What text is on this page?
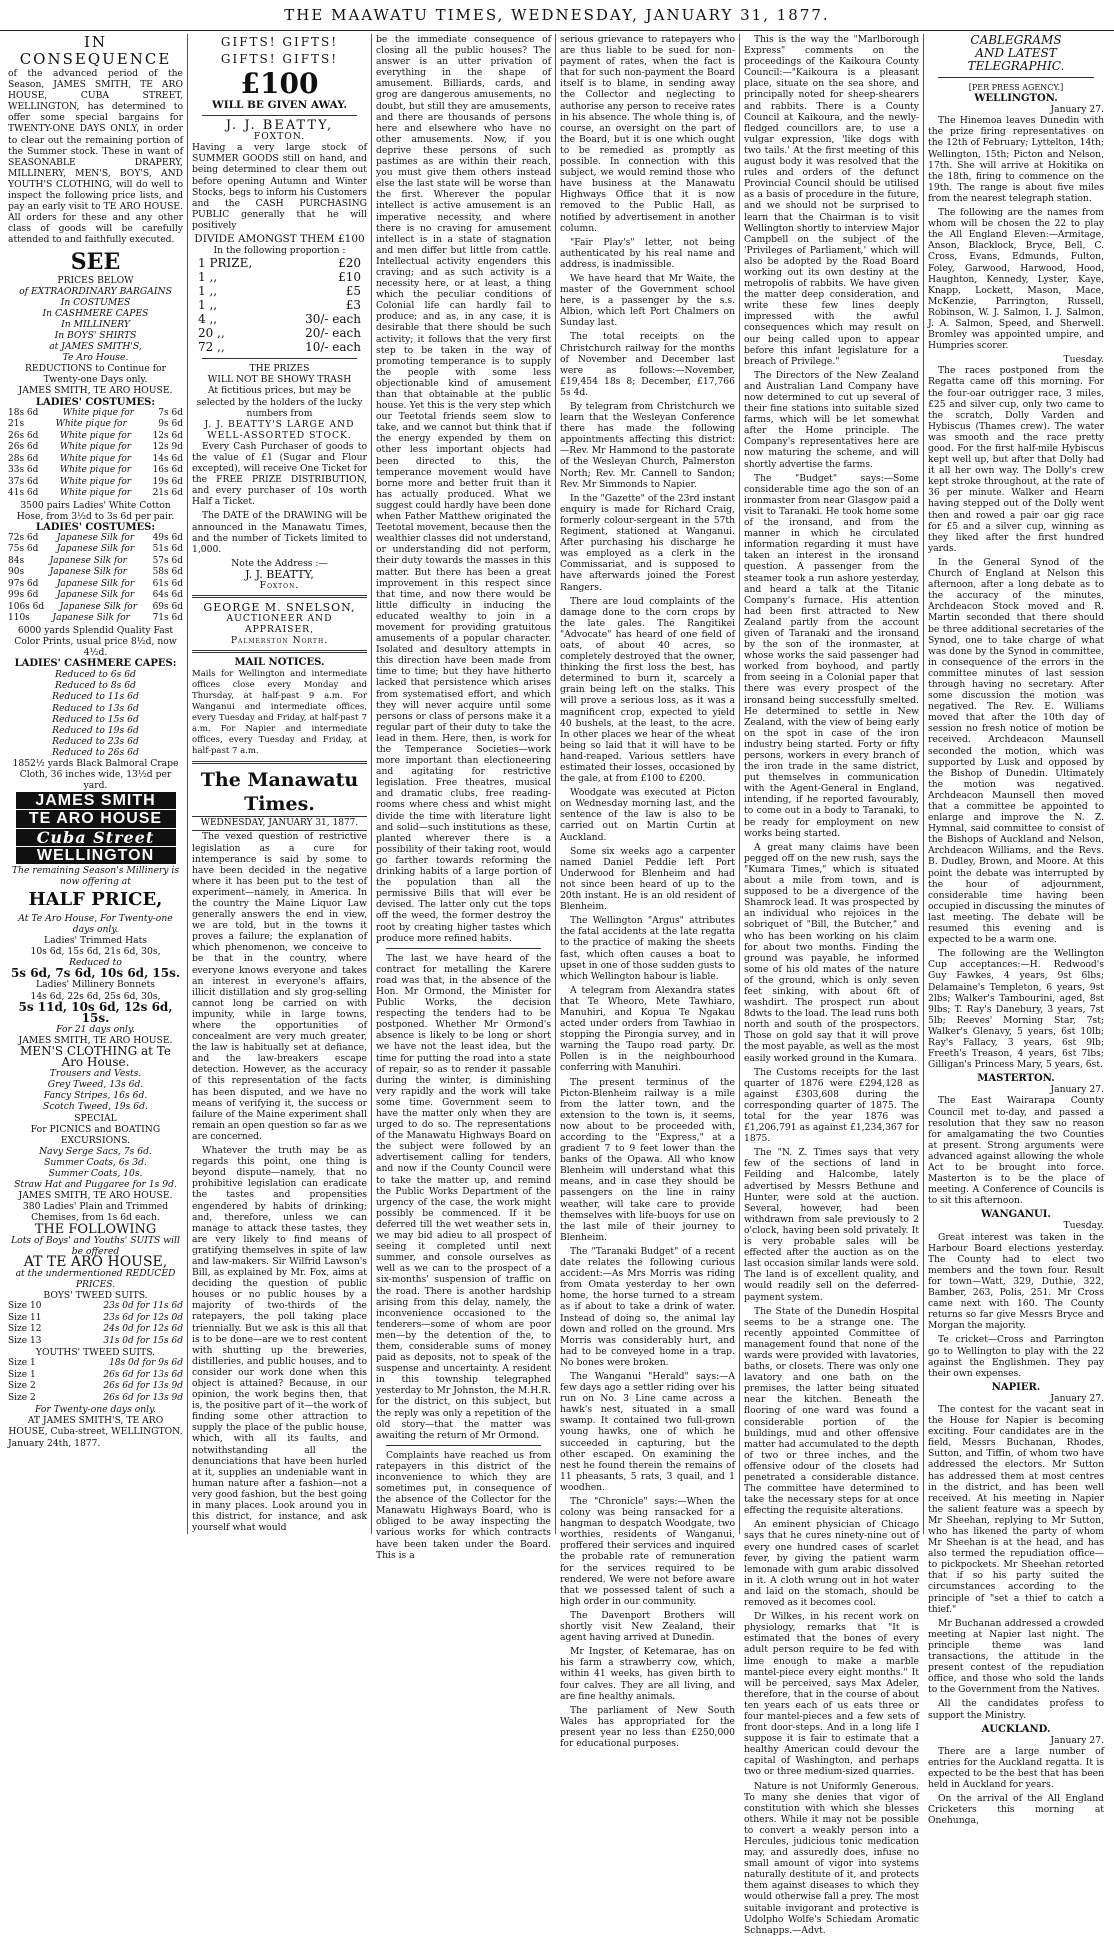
THE MAAWATU TIMES, WEDNESDAY, JANUARY 31, 1877.
IN CONSEQUENCE

of the advanced period of the Season, JAMES SMITH, TE ARO HOUSE, CUBA STREET, WELLINGTON, has determined to offer some special bargains for TWENTY-ONE DAYS ONLY, in order to clear out the remaining portion of the Summer stock. These in want of SEASONABLE DRAPERY, MILLINERY, MEN'S, BOY'S, AND YOUTH'S CLOTHING, will do well to inspect the following price lists, and pay an early visit to TE ARO HOUSE. All orders for these and any other class of goods will be carefully attended to and faithfully executed.

SEE
PRICES BELOW
of EXTRAORDINARY BARGAINS
In COSTUMES
In CASHMERE CAPES
In MILLINERY
In BOYS' SHIRTS
at JAMES SMITH'S,
Te Aro House.
REDUCTIONS to Continue for Twenty-one Days only.
JAMES SMITH, TE ARO HOUSE.
LADIES' COSTUMES:
18s 6d	White pique for	7s 6d
21s	White pique for	9s 6d
26s 6d White pique for 12s 6d
26s 6d White pique for 12s 9d
28s 6d White pique for 14s 6d
33s 6d White pique for 16s 6d
37s 6d White pique for 19s 6d
41s 6d White pique for 21s 6d
3500 pairs Ladies' White Cotton Hose, from 3½d to 3s 6d per pair.
LADIES' COSTUMES:
72s 6d Japanese Silk for 49s 6d
75s 6d Japanese Silk for 51s 6d
84s	Japanese Silk for	57s 6d
90s	Japanese Silk for	58s 6d
97s 6d Japanese Silk for 61s 6d
99s 6d Japanese Silk for 64s 6d
106s 6d Japanese Silk for 69s 6d
110s	Japanese Silk for	71s 6d
6000 yards Splendid Quality Fast Color Prints, usual price 8½d, now 4½d.
LADIES' CASHMERE CAPES:
Reduced to 6s 6d
Reduced to 8s 6d
Reduced to 11s 6d
Reduced to 13s 6d
Reduced to 15s 6d
Reduced to 19s 6d
Reduced to 23s 6d
Reduced to 26s 6d
1852½ yards Black Balmoral Crape Cloth, 36 inches wide, 13½d per yard.
JAMES SMITH
TE ARO HOUSE
Cuba Street
WELLINGTON
The remaining Season's Millinery is now offering at
HALF PRICE,
At Te Aro House, For Twenty-one days only.
Ladies' Trimmed Hats
10s 6d, 15s 6d, 21s 6d, 30s,
Reduced to
5s 6d, 7s 6d, 10s 6d, 15s.
Ladies' Millinery Bonnets
14s 6d, 22s 6d, 25s 6d, 30s,
5s 11d, 10s 6d, 12s 6d, 15s.
For 21 days only.
JAMES SMITH, TE ARO HOUSE.
MEN'S CLOTHING at Te Aro House.
Trousers and Vests.
Grey Tweed, 13s 6d.
Fancy Stripes, 16s 6d.
Scotch Tweed, 19s 6d.
SPECIAL
For PICNICS and BOATING EXCURSIONS.
Navy Serge Sacs, 7s 6d.
Summer Coats, 6s 3d.
Summer Coats, 10s.
Straw Hat and Puggaree for 1s 9d.
JAMES SMITH, TE ARO HOUSE.
380 Ladies' Plain and Trimmed Chemises, from 1s 6d each.
THE FOLLOWING
Lots of Boys' and Youths' SUITS will be offered
AT TE ARO HOUSE,
at the undermentioned REDUCED PRICES.
BOYS' TWEED SUITS.
Size 10	23s 0d for 11s 6d
Size 11	23s 6d for 12s 0d
Size 12	24s 0d for 12s 6d
Size 13	31s 0d for 15s 6d
YOUTHS' TWEED SUITS.
Size 1	18s 0d for 9s 6d
Size 1	26s 6d for 13s 6d
Size 2	26s 6d for 13s 9d
Size 2	26s 6d for 13s 9d
For Twenty-one days only.
AT JAMES SMITH'S, TE ARO HOUSE, Cuba-street, WELLINGTON.
January 24th, 1877.
GIFTS! GIFTS! GIFTS! GIFTS!
£100
WILL BE GIVEN AWAY.
J. J. BEATTY,
FOXTON.

Having a very large stock of SUMMER GOODS still on hand, and being determined to clear them out before opening Autumn and Winter Stocks, begs to inform his Customers and the CASH PURCHASING PUBLIC generally that he will positively

DIVIDE AMONGST THEM £100
In the following proportion :
1 PRIZE,	£20
1 ,,	£10
1 ,,	£5
1 ,,	£3
4 ,,	30/- each
20 ,,	20/- each
72 ,,	10/- each
THE PRIZES
WILL NOT BE SHOWY TRASH
At fictitious prices, but may be selected by the holders of the lucky numbers from
J. J. BEATTY'S LARGE AND WELL-ASSORTED STOCK.

Every Cash Purchaser of goods to the value of £1 (Sugar and Flour excepted), will receive One Ticket for the FREE PRIZE DISTRIBUTION, and every purchaser of 10s worth Half a Ticket.

The DATE of the DRAWING will be announced in the Manawatu Times, and the number of Tickets limited to 1,000.

Note the Address :—
J. J. BEATTY,
Foxton.
GEORGE M. SNELSON,
AUCTIONEER AND APPRAISER,
Palmerston North.
MAIL NOTICES.

Mails for Wellington and intermediate offices close every Monday and Thursday, at half-past 9 a.m. For Wanganui and intermediate offices, every Tuesday and Friday, at half-past 7 a.m. For Napier and intermediate offices, every Tuesday and Friday, at half-past 7 a.m.

The Manawatu Times.
WEDNESDAY, JANUARY 31, 1877.

The vexed question of restrictive legislation as a cure for intemperance is said by some to have been decided in the negative where it has been put to the test of experiment—namely, in America. In the country the Maine Liquor Law generally answers the end in view, we are told, but in the towns it proves a failure; the explanation of which phenomenon, we conceive to be that in the country, where everyone knows everyone and takes an interest in everyone's affairs, illicit distillation and sly grog-selling cannot long be carried on with impunity, while in large towns, where the opportunities of concealment are very much greater, the law is habitually set at defiance, and the law-breakers escape detection. However, as the accuracy of this representation of the facts has been disputed, and we have no means of verifying it, the success or failure of the Maine experiment shall remain an open question so far as we are concerned.

Whatever the truth may be as regards this point, one thing is beyond dispute—namely, that no prohibitive legislation can eradicate the tastes and propensities engendered by habits of drinking; and, therefore, unless we can manage to attack these tastes, they are very likely to find means of gratifying themselves in spite of law and law-makers. Sir Wilfrid Lawson's Bill, as explained by Mr. Fox, aims at deciding the question of public houses or no public houses by a majority of two-thirds of the ratepayers, the poll taking place triennially. But we ask is this all that is to be done—are we to rest content with shutting up the breweries, distilleries, and public houses, and to consider our work done when this object is attained? Because, in our opinion, the work begins then, that is, the positive part of it—the work of finding some other attraction to supply the place of the public house, which, with all its faults, and notwithstanding all the denunciations that have been hurled at it, supplies an undeniable want in human nature after a fashion—not a very good fashion, but the best going in many places. Look around you in this district, for instance, and ask yourself what would

be the immediate consequence of closing all the public houses? The answer is an utter privation of everything in the shape of amusement. Billiards, cards, and grog are dangerous amusements, no doubt, but still they are amusements, and there are thousands of persons here and elsewhere who have no other amusements. Now, if you deprive these persons of such pastimes as are within their reach, you must give them others instead else the last state will be worse than the first. Wherever the popular intellect is active amusement is an imperative necessity, and where there is no craving for amusement intellect is in a state of stagnation and men differ but little from cattle. Intellectual activity engenders this craving; and as such activity is a necessity here, or at least, a thing which the peculiar conditions of Colonial life can hardly fail to produce; and as, in any case, it is desirable that there should be such activity; it follows that the very first step to be taken in the way of promoting temperance is to supply the people with some less objectionable kind of amusement than that obtainable at the public house. Yet this is the very step which our Teetotal friends seem slow to take, and we cannot but think that if the energy expended by them on other less important objects had been directed to this, the temperance movement would have borne more and better fruit than it has actually produced. What we suggest could hardly have been done when Father Matthew originated the Teetotal movement, because then the wealthier classes did not understand, or understanding did not perform, their duty towards the masses in this matter. But there has been a great improvement in this respect since that time, and now there would be little difficulty in inducing the educated wealthy to join in a movement for providing gratuitous amusements of a popular character. Isolated and desultory attempts in this direction have been made from time to time; but they have hitherto lacked that persistence which arises from systematised effort, and which they will never acquire until some persons or class of persons make it a regular part of their duty to take the lead in them. Here, then, is work for the Temperance Societies—work more important than electioneering and agitating for restrictive legislation. Free theatres, musical and dramatic clubs, free reading-rooms where chess and whist might divide the time with literature light and solid—such institutions as these, planted wherever there is a possibility of their taking root, would go farther towards reforming the drinking habits of a large portion of the population than all the permissive Bills that will ever be devised. The latter only cut the tops off the weed, the former destroy the root by creating higher tastes which produce more refined habits.

The last we have heard of the contract for metalling the Karere road was that, in the absence of the Hon. Mr Ormond, the Minister for Public Works, the decision respecting the tenders had to be postponed. Whether Mr Ormond's absence is likely to be long or short we have not the least idea, but the time for putting the road into a state of repair, so as to render it passable during the winter, is diminishing very rapidly and the work will take some time. Government seem to have the matter only when they are urged to do so. The representations of the Manawatu Highways Board on the subject were followed by an advertisement calling for tenders, and now if the County Council were to take the matter up, and remind the Public Works Department of the urgency of the case, the work might possibly be commenced. If it be deferred till the wet weather sets in, we may bid adieu to all prospect of seeing it completed until next summer, and console ourselves as well as we can to the prospect of a six-months' suspension of traffic on the road. There is another hardship arising from this delay, namely, the inconvenience occasioned to the tenderers—some of whom are poor men—by the detention of the, to them, considerable sums of money paid as deposits, not to speak of the suspense and uncertainty. A resident in this township telegraphed yesterday to Mr Johnston, the M.H.R. for the district, on this subject, but the reply was only a repetition of the old story—that the matter was awaiting the return of Mr Ormond.

Complaints have reached us from ratepayers in this district of the inconvenience to which they are sometimes put, in consequence of the absence of the Collector for the Manawatu Highways Board, who is obliged to be away inspecting the various works for which contracts have been taken under the Board. This is a

serious grievance to ratepayers who are thus liable to be sued for non-payment of rates, when the fact is that for such non-payment the Board itself is to blame, in sending away the Collector and neglecting to authorise any person to receive rates in his absence. The whole thing is, of course, an oversight on the part of the Board, but it is one which ought to be remedied as promptly as possible. In connection with this subject, we would remind those who have business at the Manawatu Highways Office that it is now removed to the Public Hall, as notified by advertisement in another column.

"Fair Play's" letter, not being authenticated by his real name and address, is inadmissible.

We have heard that Mr Waite, the master of the Government school here, is a passenger by the s.s. Albion, which left Port Chalmers on Sunday last.

The total receipts on the Christchurch railway for the months of November and December last were as follows:—November, £19,454 18s 8; December, £17,766 5s 4d.

By telegram from Christchurch we learn that the Wesleyan Conference there has made the following appointments affecting this district:—Rev. Mr Hammond to the pastorate of the Wesleyan Church, Palmerston North; Rev. Mr. Cannell to Sandon; Rev. Mr Simmonds to Napier.

In the "Gazette" of the 23rd instant enquiry is made for Richard Craig, formerly colour-sergeant in the 57th Regiment, stationed at Wanganui. After purchasing his discharge he was employed as a clerk in the Commissariat, and is supposed to have afterwards joined the Forest Rangers.

There are loud complaints of the damage done to the corn crops by the late gales. The Rangitikei "Advocate" has heard of one field of oats, of about 40 acres, so completely destroyed that the owner, thinking the first loss the best, has determined to burn it, scarcely a grain being left on the stalks. This will prove a serious loss, as it was a magnificent crop, expected to yield 40 bushels, at the least, to the acre. In other places we hear of the wheat being so laid that it will have to be hand-reaped. Various settlers have estimated their losses, occasioned by the gale, at from £100 to £200.

Woodgate was executed at Picton on Wednesday morning last, and the sentence of the law is also to be carried out on Martin Curtin at Auckland.

Some six weeks ago a carpenter named Daniel Peddie left Port Underwood for Blenheim and had not since been heard of up to the 20th instant. He is an old resident of Blenheim.

The Wellington "Argus" attributes the fatal accidents at the late regatta to the practice of making the sheets fast, which often causes a boat to upset in one of those sudden gusts to which Wellington habour is liable.

A telegram from Alexandra states that Te Wheoro, Mete Tawhiaro, Manuhiri, and Kopua Te Ngakau acted under orders from Tawhiao in stopping the Pirongia survey, and in warning the Taupo road party. Dr. Pollen is in the neighbourhood conferring with Manuhiri.

The present terminus of the Picton-Blenheim railway is a mile from the latter town, and the extension to the town is, it seems, now about to be proceeded with, according to the "Express," at a gradient 7 to 9 feet lower than the banks of the Opawa. All who know Blenheim will understand what this means, and in case they should be passengers on the line in rainy weather, will take care to provide themselves with life-buoys for use on the last mile of their journey to Blenheim.

The "Taranaki Budget" of a recent date relates the following curious accident:—As Mrs Morris was riding from Omata yesterday to her own home, the horse turned to a stream as if about to take a drink of water. Instead of doing so, the animal lay down and rolled on the ground. Mrs Morris was considerably hurt, and had to be conveyed home in a trap. No bones were broken.

The Wanganui "Herald" says:—A few days ago a settler riding over his run on No. 3 Line came across a hawk's nest, situated in a small swamp. It contained two full-grown young hawks, one of which he succeeded in capturing, but the other escaped. On examining the nest he found therein the remains of 11 pheasants, 5 rats, 3 quail, and 1 woodhen.

The "Chronicle" says:—When the colony was being ransacked for a hangman to despatch Woodgate, two worthies, residents of Wanganui, proffered their services and inquired the probable rate of remuneration for the services required to be rendered. We were not before aware that we possessed talent of such a high order in our community.

The Davenport Brothers will shortly visit New Zealand, their agent having arrived at Dunedin.

Mr Ingster, of Ketemarae, has on his farm a strawberry cow, which, within 41 weeks, has given birth to four calves. They are all living, and are fine healthy animals.

The parliament of New South Wales has appropriated for the present year no less than £250,000 for educational purposes.

This is the way the "Marlborough Express" comments on the proceedings of the Kaikoura County Council:—"Kaikoura is a pleasant place, situate on the sea shore, and principally noted for sheep-shearers and rabbits. There is a County Council at Kaikoura, and the newly-fledged councillors are, to use a vulgar expression, 'like dogs with two tails.' At the first meeting of this august body it was resolved that the rules and orders of the defunct Provincial Council should be utilised as a basis of procedure in the future, and we should not be surprised to learn that the Chairman is to visit Wellington shortly to interview Major Campbell on the subject of the 'Privileges of Parliament,' which will also be adopted by the Road Board working out its own destiny at the metropolis of rabbits. We have given the matter deep consideration, and write these few lines deeply impressed with the awful consequences which may result on our being called upon to appear before this infant legislature for a breach of Privilege."

The Directors of the New Zealand and Australian Land Company have now determined to cut up several of their fine stations into suitable sized farms, which will be let somewhat after the Home principle. The Company's representatives here are now maturing the scheme, and will shortly advertise the farms.

The "Budget" says:—Some considerable time ago the son of an ironmaster from near Glasgow paid a visit to Taranaki. He took home some of the ironsand, and from the manner in which he circulated information regarding it must have taken an interest in the ironsand question. A passenger from the steamer took a run ashore yesterday, and heard a talk at the Titanic Company's furnace. His attention had been first attracted to New Zealand partly from the account given of Taranaki and the ironsand by the son of the ironmaster, at whose works the said passenger had worked from boyhood, and partly from seeing in a Colonial paper that there was every prospect of the ironsand being successfully smelted. He determined to settle in New Zealand, with the view of being early on the spot in case of the iron industry being started. Forty or fifty persons, workers in every branch of the iron trade in the same district, put themselves in communication with the Agent-General in England, intending, if he reported favourably, to come out in a body to Taranaki, to be ready for employment on new works being started.

A great many claims have been pegged off on the new rush, says the "Kumara Times," which is situated about a mile from town, and is supposed to be a divergence of the Shamrock lead. It was prospected by an individual who rejoices in the sobriquet of "Bill, the Butcher," and who has been working on his claim for about two months. Finding the ground was payable, he informed some of his old mates of the nature of the ground, which is only seven feet sinking, with about 6ft of washdirt. The prospect run about 8dwts to the load. The lead runs both north and south of the prospectors. Those on gold say that it will prove the most payable, as well as the most easily worked ground in the Kumara.

The Customs receipts for the last quarter of 1876 were £294,128 as against £303,608 during the corresponding quarter of 1875. The total for the year 1876 was £1,206,791 as against £1,234,367 for 1875.

The "N. Z. Times says that very few of the sections of land in Feilding and Halcombe, lately advertised by Messrs Bethune and Hunter, were sold at the auction. Several, however, had been withdrawn from sale previously to 2 o'clock, having been sold privately. It is very probable sales will be effected after the auction as on the last occasion similar lands were sold. The land is of excellent quality, and would readily sell on the deferred-payment system.

The State of the Dunedin Hospital seems to be a strange one. The recently appointed Committee of management found that none of the wards were provided with lavatories, baths, or closets. There was only one lavatory and one bath on the premises, the latter being situated near the kitchen. Beneath the flooring of one ward was found a considerable portion of the buildings, mud and other offensive matter had accumulated to the depth of two or three inches, and the offensive odour of the closets had penetrated a considerable distance. The committee have determined to take the necessary steps for at once effecting the requisite alterations.

An eminent physician of Chicago says that he cures ninety-nine out of every one hundred cases of scarlet fever, by giving the patient warm lemonade with gum arabic dissolved in it. A cloth wrung out in hot water and laid on the stomach, should be removed as it becomes cool.

Dr Wilkes, in his recent work on physiology, remarks that "It is estimated that the bones of every adult person require to be fed with lime enough to make a marble mantel-piece every eight months." It will be perceived, says Max Adeler, therefore, that in the course of about ten years each of us eats three or four mantel-pieces and a few sets of front door-steps. And in a long life I suppose it is fair to estimate that a healthy American could devour the capital of Washington, and perhaps two or three medium-sized quarries.

Nature is not Uniformly Generous. To many she denies that vigor of constitution with which she blesses others. While it may not be possible to convert a weakly person into a Hercules, judicious tonic medication may, and assuredly does, infuse no small amount of vigor into systems naturally destitute of it, and protects them against diseases to which they would otherwise fall a prey. The most suitable invigorant and protective is Udolpho Wolfe's Schiedam Aromatic Schnapps.—Advt.

CABLEGRAMS
AND LATEST TELEGRAPHIC.
[PER PRESS AGENCY.]
WELLINGTON.
January 27.

The Hinemoa leaves Dunedin with the prize firing representatives on the 12th of February; Lyttelton, 14th; Wellington, 15th; Picton and Nelson, 17th. She will arrive at Hokitika on the 18th, firing to commence on the 19th. The range is about five miles from the nearest telegraph station.

The following are the names from whom will be chosen the 22 to play the All England Eleven:—Armitage, Anson, Blacklock, Bryce, Bell, C. Cross, Evans, Edmunds, Fulton, Foley, Garwood, Harwood, Hood, Haughton, Kennedy, Lyster, Kaye, Knapp, Lockett, Mason, Mace, McKenzie, Parrington, Russell, Robinson, W. J. Salmon, I. J. Salmon, J. A. Salmon, Speed, and Sherwell. Bromley was appointed umpire, and Humpries scorer.

Tuesday.

The races postponed from the Regatta came off this morning. For the four-oar outrigger race, 3 miles, £25 and silver cup, only two came to the scratch, Dolly Varden and Hybiscus (Thames crew). The water was smooth and the race pretty good. For the first half-mile Hybiscus kept well up, but after that Dolly had it all her own way. The Dolly's crew kept stroke throughout, at the rate of 36 per minute. Walker and Hearn having stepped out of the Dolly went then and rowed a pair oar gig race for £5 and a silver cup, winning as they liked after the first hundred yards.

In the General Synod of the Church of England at Nelson this afternoon, after a long debate as to the accuracy of the minutes, Archdeacon Stock moved and R. Martin seconded that there should be three additional secretaries of the Synod, one to take charge of what was done by the Synod in committee, in consequence of the errors in the committee minutes of last session through having no secretary. After some discussion the motion was negatived. The Rev. E. Williams moved that after the 10th day of session no fresh notice of motion be received. Archdeacon Maunsell seconded the motion, which was supported by Lusk and opposed by the Bishop of Dunedin. Ultimately the motion was negatived. Archdeacon Maunsell then moved that a committee be appointed to enlarge and improve the N. Z. Hymnal, said committee to consist of the Bishops of Auckland and Nelson, Archdeacon Williams, and the Revs. B. Dudley, Brown, and Moore. At this point the debate was interrupted by the hour of adjournment, considerable time having been occupied in discussing the minutes of last meeting. The debate will be resumed this evening and is expected to be a warm one.

The following are the Wellington Cup acceptances:—H. Redwood's Guy Fawkes, 4 years, 9st 6lbs; Delamaine's Templeton, 6 years, 9st 2lbs; Walker's Tambourini, aged, 8st 9lbs; T. Ray's Danebury, 3 years, 7st 5lb; Reeves' Morning Star, 7st; Walker's Glenavy, 5 years, 6st 10lb; Ray's Fallacy, 3 years, 6st 9lb; Freeth's Treason, 4 years, 6st 7lbs; Gilligan's Princess Mary, 5 years, 6st.

MASTERTON.
January 27.

The East Wairarapa County Council met to-day, and passed a resolution that they saw no reason for amalgamating the two Counties at present. Strong arguments were advanced against allowing the whole Act to be brought into force. Masterton is to be the place of meeting. A Conference of Councils is to sit this afternoon.

WANGANUI.
Tuesday.

Great interest was taken in the Harbour Board elections yesterday. The County had to elect two members and the town four. Result for town—Watt, 329, Duthie, 322, Bamber, 263, Polis, 251. Mr Cross came next with 160. The County returns so far give Messrs Bryce and Morgan the majority.

Te cricket—Cross and Parrington go to Wellington to play with the 22 against the Englishmen. They pay their own expenses.

NAPIER.
January 27.

The contest for the vacant seat in the House for Napier is becoming exciting. Four candidates are in the field, Messrs Buchanan, Rhodes, Sutton, and Tiffin, of whom two have addressed the electors. Mr Sutton has addressed them at most centres in the district, and has been well received. At his meeting in Napier the salient feature was a speech by Mr Sheehan, replying to Mr Sutton, who has likened the party of whom Mr Sheehan is at the head, and has also termed the repudiation office—to pickpockets. Mr Sheehan retorted that if so his party suited the circumstances according to the principle of "set a thief to catch a thief."

Mr Buchanan addressed a crowded meeting at Napier last night. The principle theme was land transactions, the attitude in the present contest of the repudiation office, and those who sold the lands to the Government from the Natives.

All the candidates profess to support the Ministry.

AUCKLAND.
January 27.

There are a large number of entries for the Auckland regatta. It is expected to be the best that has been held in Auckland for years.

On the arrival of the All England Cricketers this morning at Onehunga,
